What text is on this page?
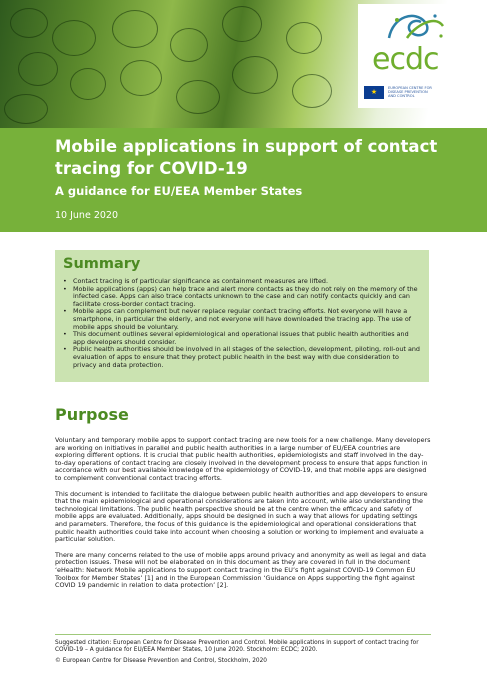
ecdc
★	EUROPEAN CENTRE FOR
DISEASE PREVENTION
AND CONTROL
Mobile applications in support of contact tracing for COVID-19
A guidance for EU/EEA Member States
10 June 2020
Summary
• Contact tracing is of particular significance as containment measures are lifted.
• Mobile applications (apps) can help trace and alert more contacts as they do not rely on the memory of the infected case. Apps can also trace contacts unknown to the case and can notify contacts quickly and can facilitate cross-border contact tracing.
• Mobile apps can complement but never replace regular contact tracing efforts. Not everyone will have a smartphone, in particular the elderly, and not everyone will have downloaded the tracing app. The use of mobile apps should be voluntary.
• This document outlines several epidemiological and operational issues that public health authorities and app developers should consider.
• Public health authorities should be involved in all stages of the selection, development, piloting, roll-out and evaluation of apps to ensure that they protect public health in the best way with due consideration to privacy and data protection.
Purpose

Voluntary and temporary mobile apps to support contact tracing are new tools for a new challenge. Many developers are working on initiatives in parallel and public health authorities in a large number of EU/EEA countries are exploring different options. It is crucial that public health authorities, epidemiologists and staff involved in the day-to-day operations of contact tracing are closely involved in the development process to ensure that apps function in accordance with our best available knowledge of the epidemiology of COVID-19, and that mobile apps are designed to complement conventional contact tracing efforts.

This document is intended to facilitate the dialogue between public health authorities and app developers to ensure that the main epidemiological and operational considerations are taken into account, while also understanding the technological limitations. The public health perspective should be at the centre when the efficacy and safety of mobile apps are evaluated. Additionally, apps should be designed in such a way that allows for updating settings and parameters. Therefore, the focus of this guidance is the epidemiological and operational considerations that public health authorities could take into account when choosing a solution or working to implement and evaluate a particular solution.

There are many concerns related to the use of mobile apps around privacy and anonymity as well as legal and data protection issues. These will not be elaborated on in this document as they are covered in full in the document ‘eHealth: Network Mobile applications to support contact tracing in the EU’s fight against COVID-19 Common EU Toolbox for Member States’ [1] and in the European Commission ‘Guidance on Apps supporting the fight against COVID 19 pandemic in relation to data protection’ [2].

Suggested citation: European Centre for Disease Prevention and Control. Mobile applications in support of contact tracing for COVID-19 – A guidance for EU/EEA Member States, 10 June 2020. Stockholm: ECDC; 2020.

© European Centre for Disease Prevention and Control, Stockholm, 2020
